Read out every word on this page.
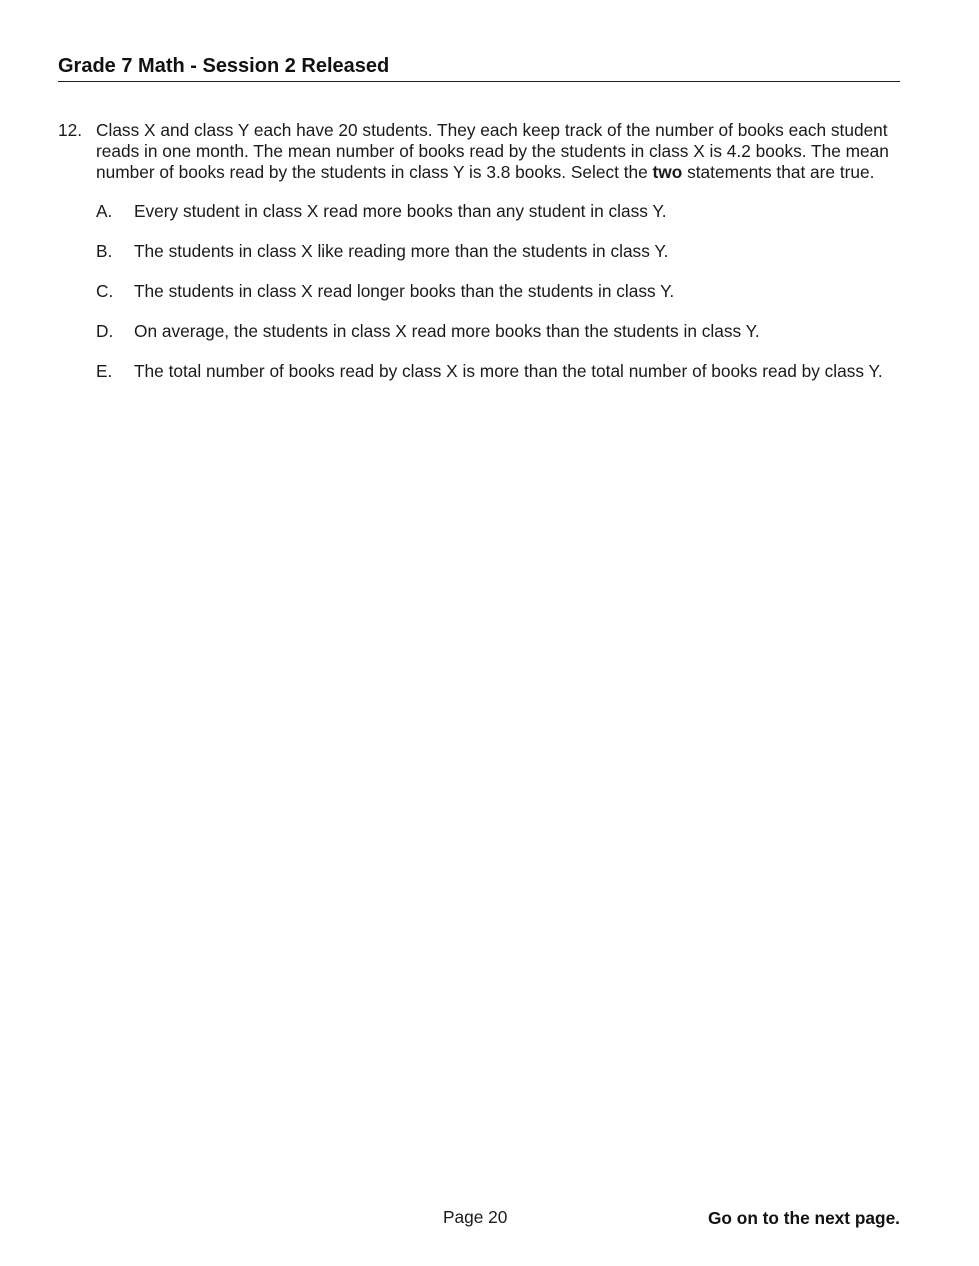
Grade 7 Math - Session 2 Released
12. Class X and class Y each have 20 students. They each keep track of the number of books each student reads in one month. The mean number of books read by the students in class X is 4.2 books. The mean number of books read by the students in class Y is 3.8 books. Select the two statements that are true.
A.	Every student in class X read more books than any student in class Y.
B.	The students in class X like reading more than the students in class Y.
C.	The students in class X read longer books than the students in class Y.
D.	On average, the students in class X read more books than the students in class Y.
E.	The total number of books read by class X is more than the total number of books read by class Y.
Page 20	Go on to the next page.
